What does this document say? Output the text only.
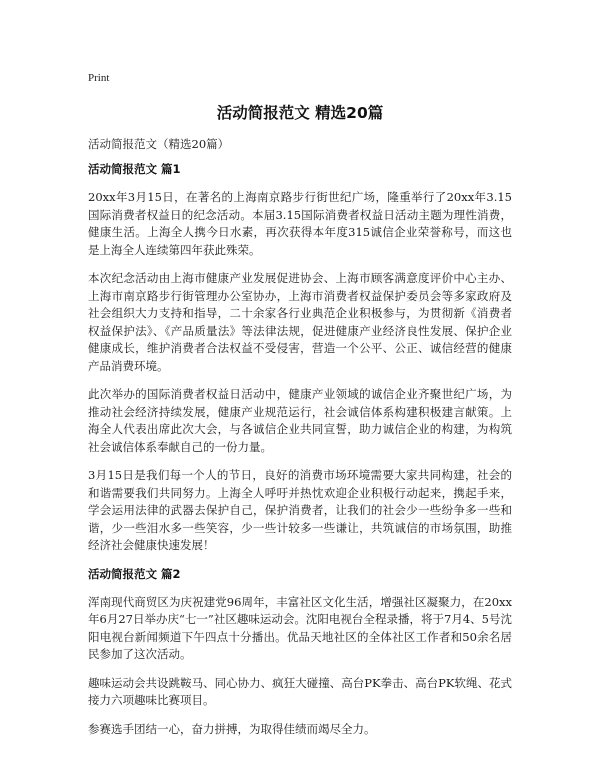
Print

活动简报范文 精选20篇

活动简报范文（精选20篇）

活动简报范文 篇1

20xx年3月15日，在著名的上海南京路步行街世纪广场，隆重举行了20xx年3.15国际消费者权益日的纪念活动。本届3.15国际消费者权益日活动主题为理性消费，健康生活。上海全人携今日水素，再次获得本年度315诚信企业荣誉称号，而这也是上海全人连续第四年获此殊荣。

本次纪念活动由上海市健康产业发展促进协会、上海市顾客满意度评价中心主办、上海市南京路步行街管理办公室协办，上海市消费者权益保护委员会等多家政府及社会组织大力支持和指导，二十余家各行业典范企业积极参与，为贯彻新《消费者权益保护法》、《产品质量法》等法律法规，促进健康产业经济良性发展、保护企业健康成长，维护消费者合法权益不受侵害，营造一个公平、公正、诚信经营的健康产品消费环境。

此次举办的国际消费者权益日活动中，健康产业领域的诚信企业齐聚世纪广场，为推动社会经济持续发展，健康产业规范运行，社会诚信体系构建积极建言献策。上海全人代表出席此次大会，与各诚信企业共同宣誓，助力诚信企业的构建，为构筑社会诚信体系奉献自己的一份力量。

3月15日是我们每一个人的节日，良好的消费市场环境需要大家共同构建，社会的和谐需要我们共同努力。上海全人呼吁并热忱欢迎企业积极行动起来，携起手来，学会运用法律的武器去保护自己，保护消费者，让我们的社会少一些纷争多一些和谐，少一些泪水多一些笑容，少一些计较多一些谦让，共筑诚信的市场氛围，助推经济社会健康快速发展！

活动简报范文 篇2

浑南现代商贸区为庆祝建党96周年，丰富社区文化生活，增强社区凝聚力，在20xx年6月27日举办庆“七一”社区趣味运动会。沈阳电视台全程录播，将于7月4、5号沈阳电视台新闻频道下午四点十分播出。优品天地社区的全体社区工作者和50余名居民参加了这次活动。

趣味运动会共设跳鞍马、同心协力、疯狂大碰撞、高台PK拳击、高台PK软绳、花式接力六项趣味比赛项目。

参赛选手团结一心，奋力拼搏，为取得佳绩而竭尽全力。
